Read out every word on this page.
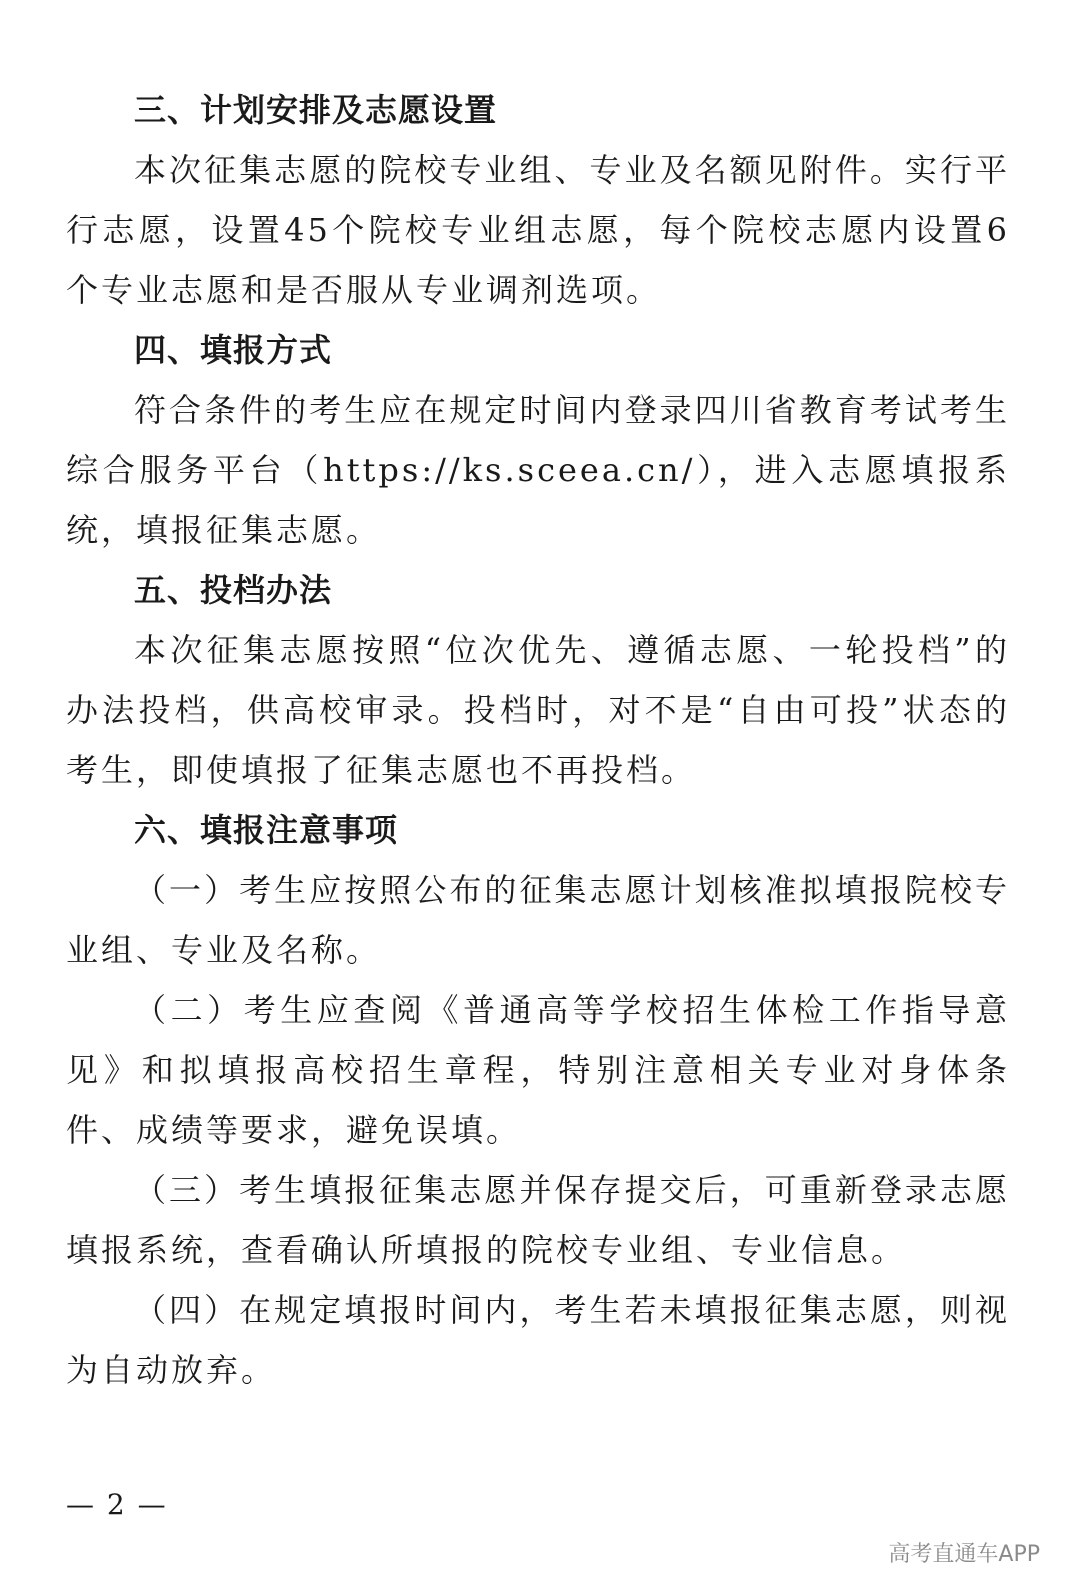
三、计划安排及志愿设置

本次征集志愿的院校专业组、专业及名额见附件。实行平行志愿，设置45个院校专业组志愿，每个院校志愿内设置6个专业志愿和是否服从专业调剂选项。

四、填报方式

符合条件的考生应在规定时间内登录四川省教育考试考生综合服务平台（https://ks.sceea.cn/），进入志愿填报系统，填报征集志愿。

五、投档办法

本次征集志愿按照“位次优先、遵循志愿、一轮投档”的办法投档，供高校审录。投档时，对不是“自由可投”状态的考生，即使填报了征集志愿也不再投档。

六、填报注意事项

（一）考生应按照公布的征集志愿计划核准拟填报院校专业组、专业及名称。

（二）考生应查阅《普通高等学校招生体检工作指导意见》和拟填报高校招生章程，特别注意相关专业对身体条件、成绩等要求，避免误填。

（三）考生填报征集志愿并保存提交后，可重新登录志愿填报系统，查看确认所填报的院校专业组、专业信息。

（四）在规定填报时间内，考生若未填报征集志愿，则视为自动放弃。

— 2 —
高考直通车APP
